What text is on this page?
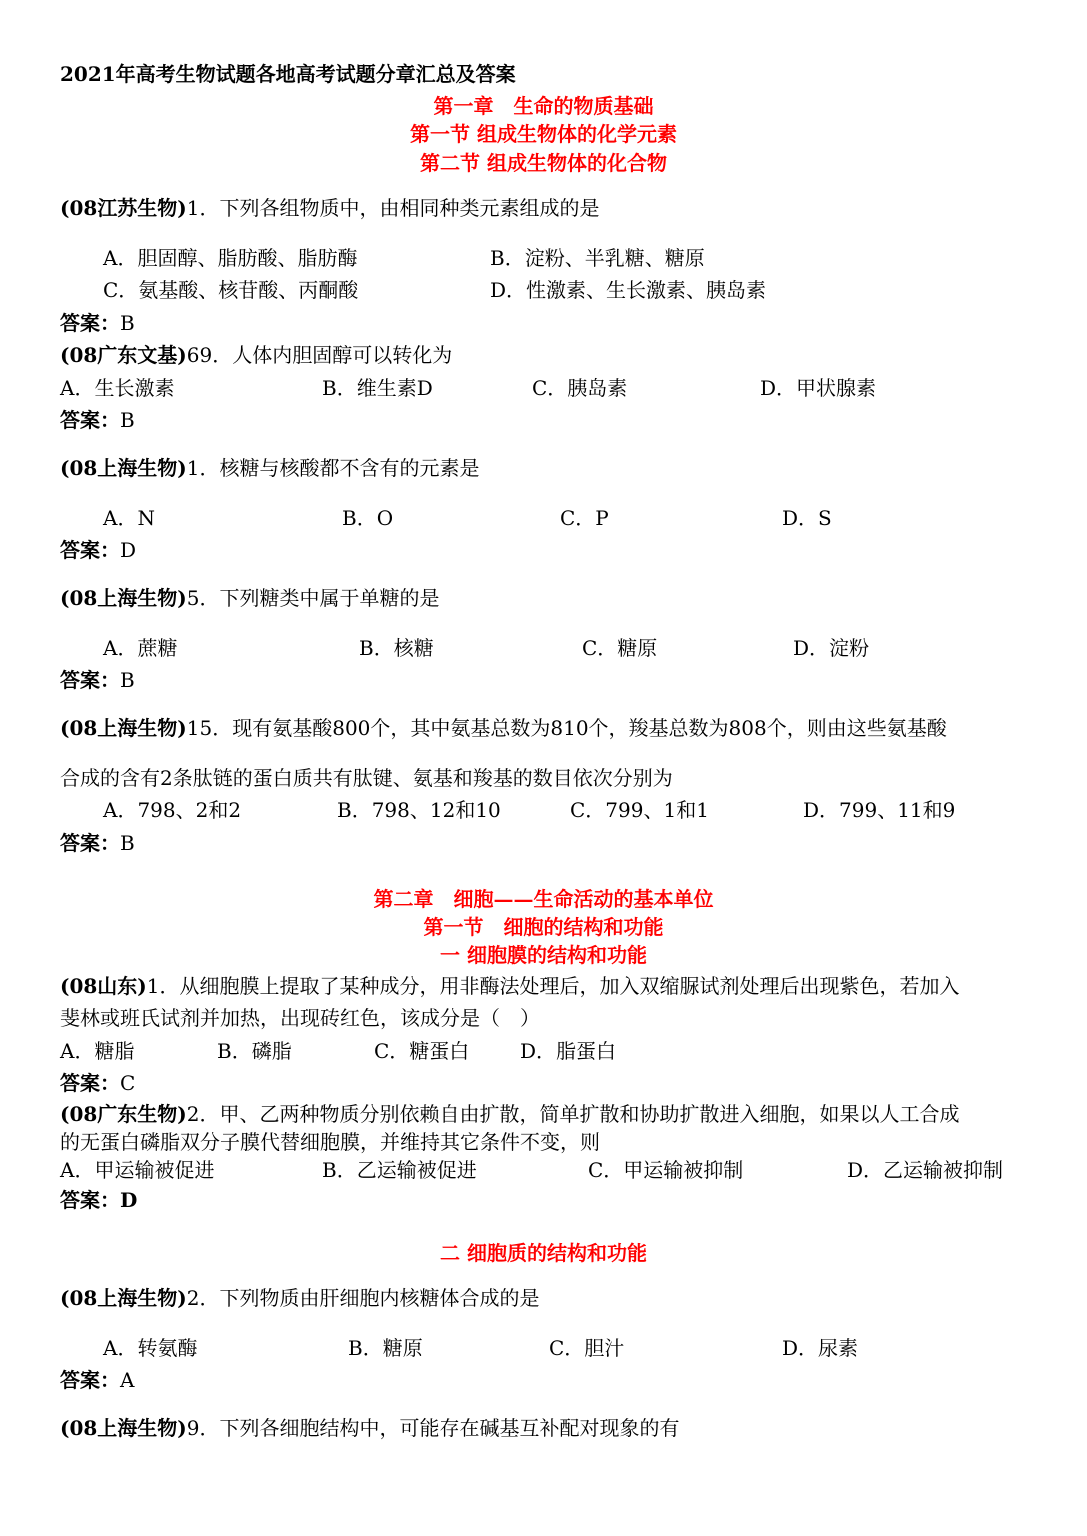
2021年高考生物试题各地高考试题分章汇总及答案
第一章　生命的物质基础
第一节 组成生物体的化学元素
第二节 组成生物体的化合物
(08江苏生物)1．下列各组物质中，由相同种类元素组成的是
A．胆固醇、脂肪酸、脂肪酶	B．淀粉、半乳糖、糖原
C．氨基酸、核苷酸、丙酮酸	D．性激素、生长激素、胰岛素
答案：B
(08广东文基)69．人体内胆固醇可以转化为
A．生长激素	B．维生素D	C．胰岛素	D．甲状腺素
答案：B
(08上海生物)1．核糖与核酸都不含有的元素是
A．N	B．O	C．P	D．S
答案：D
(08上海生物)5．下列糖类中属于单糖的是
A．蔗糖	B．核糖	C．糖原	D．淀粉
答案：B
(08上海生物)15．现有氨基酸800个，其中氨基总数为810个，羧基总数为808个，则由这些氨基酸
合成的含有2条肽链的蛋白质共有肽键、氨基和羧基的数目依次分别为
A．798、2和2	B．798、12和10	C．799、1和1	D．799、11和9
答案：B
第二章　细胞——生命活动的基本单位
第一节　细胞的结构和功能
一 细胞膜的结构和功能
(08山东)1．从细胞膜上提取了某种成分，用非酶法处理后，加入双缩脲试剂处理后出现紫色，若加入
斐林或班氏试剂并加热，出现砖红色，该成分是（　）
A．糖脂	B．磷脂	C．糖蛋白	D．脂蛋白
答案：C
(08广东生物)2．甲、乙两种物质分别依赖自由扩散，简单扩散和协助扩散进入细胞，如果以人工合成
的无蛋白磷脂双分子膜代替细胞膜，并维持其它条件不变，则
A．甲运输被促进	B．乙运输被促进	C．甲运输被抑制	D．乙运输被抑制
答案：D
二 细胞质的结构和功能
(08上海生物)2．下列物质由肝细胞内核糖体合成的是
A．转氨酶	B．糖原	C．胆汁	D．尿素
答案：A
(08上海生物)9．下列各细胞结构中，可能存在碱基互补配对现象的有
